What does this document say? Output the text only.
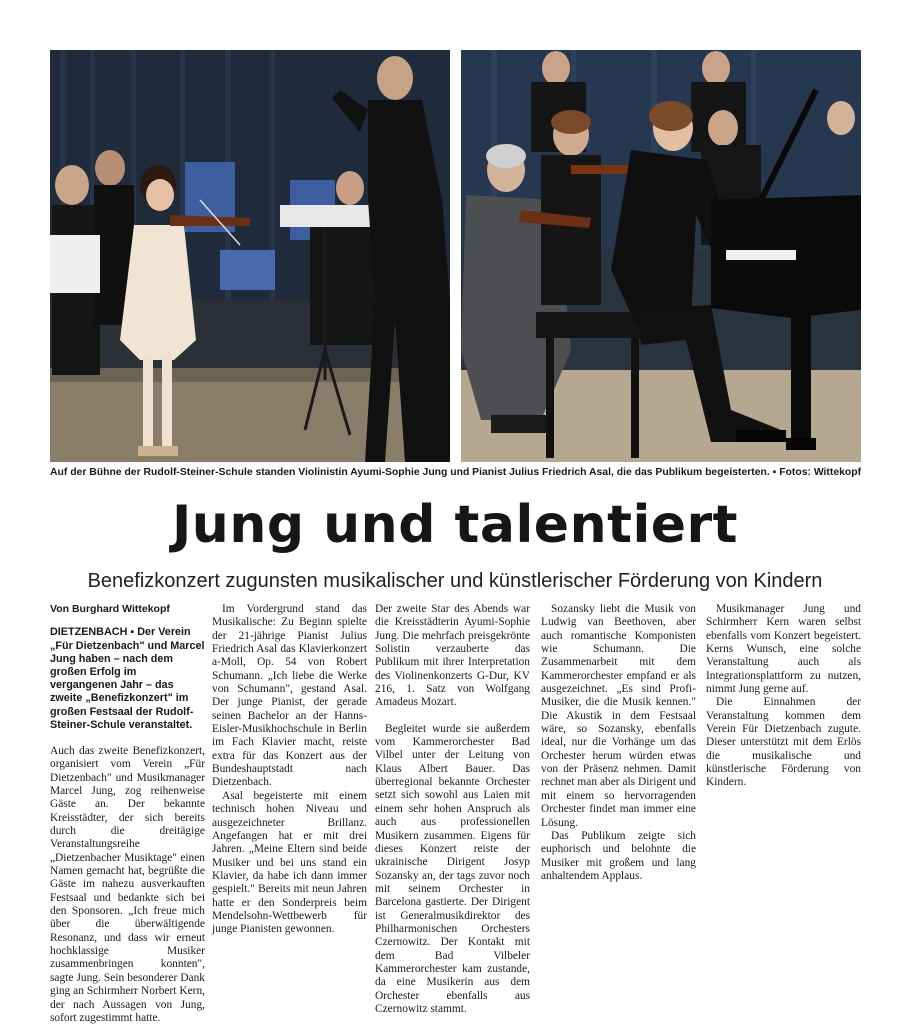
Auf der Bühne der Rudolf-Steiner-Schule standen Violinistin Ayumi-Sophie Jung und Pianist Julius Friedrich Asal, die das Publikum begeisterten. ▪ Fotos: Wittekopf
Jung und talentiert
Benefizkonzert zugunsten musikalischer und künstlerischer Förderung von Kindern
Von Burghard Wittekopf
DIETZENBACH ▪ Der Verein „Für Dietzenbach" und Marcel Jung haben – nach dem großen Erfolg im vergangenen Jahr – das zweite „Benefizkonzert" im großen Festsaal der Rudolf-Steiner-Schule veranstaltet.

Auch das zweite Benefizkonzert, organisiert vom Verein „Für Dietzenbach" und Musikmanager Marcel Jung, zog reihenweise Gäste an. Der bekannte Kreisstädter, der sich bereits durch die dreitägige Veranstaltungsreihe „Dietzenbacher Musiktage" einen Namen gemacht hat, begrüßte die Gäste im nahezu ausverkauften Festsaal und bedankte sich bei den Sponsoren. „Ich freue mich über die überwältigende Resonanz, und dass wir erneut hochklassige Musiker zusammenbringen konnten", sagte Jung. Sein besonderer Dank ging an Schirmherr Norbert Kern, der nach Aussagen von Jung, sofort zugestimmt hatte.

Im Vordergrund stand das Musikalische: Zu Beginn spielte der 21-jährige Pianist Julius Friedrich Asal das Klavierkonzert a-Moll, Op. 54 von Robert Schumann. „Ich liebe die Werke von Schumann", gestand Asal. Der junge Pianist, der gerade seinen Bachelor an der Hanns-Eisler-Musikhochschule in Berlin im Fach Klavier macht, reiste extra für das Konzert aus der Bundeshauptstadt nach Dietzenbach.

Asal begeisterte mit einem technisch hohen Niveau und ausgezeichneter Brillanz. Angefangen hat er mit drei Jahren. „Meine Eltern sind beide Musiker und bei uns stand ein Klavier, da habe ich dann immer gespielt." Bereits mit neun Jahren hatte er den Sonderpreis beim Mendelsohn-Wettbewerb für junge Pianisten gewonnen.

Der zweite Star des Abends war die Kreisstädterin Ayumi-Sophie Jung. Die mehrfach preisgekrönte Solistin verzauberte das Publikum mit ihrer Interpretation des Violinenkonzerts G-Dur, KV 216, 1. Satz von Wolfgang Amadeus Mozart.

Begleitet wurde sie außerdem vom Kammerorchester Bad Vilbel unter der Leitung von Klaus Albert Bauer. Das überregional bekannte Orchester setzt sich sowohl aus Laien mit einem sehr hohen Anspruch als auch aus professionellen Musikern zusammen. Eigens für dieses Konzert reiste der ukrainische Dirigent Josyp Sozansky an, der tags zuvor noch mit seinem Orchester in Barcelona gastierte. Der Dirigent ist Generalmusikdirektor des Philharmonischen Orchesters Czernowitz. Der Kontakt mit dem Bad Vilbeler Kammerorchester kam zustande, da eine Musikerin aus dem Orchester ebenfalls aus Czernowitz stammt.

Sozansky liebt die Musik von Ludwig van Beethoven, aber auch romantische Komponisten wie Schumann. Die Zusammenarbeit mit dem Kammerorchester empfand er als ausgezeichnet. „Es sind Profi-Musiker, die die Musik kennen." Die Akustik in dem Festsaal wäre, so Sozansky, ebenfalls ideal, nur die Vorhänge um das Orchester herum würden etwas von der Präsenz nehmen. Damit rechnet man aber als Dirigent und mit einem so hervorragenden Orchester findet man immer eine Lösung.

Das Publikum zeigte sich euphorisch und belohnte die Musiker mit großem und lang anhaltendem Applaus.

Musikmanager Jung und Schirmherr Kern waren selbst ebenfalls vom Konzert begeistert. Kerns Wunsch, eine solche Veranstaltung auch als Integrationsplattform zu nutzen, nimmt Jung gerne auf.

Die Einnahmen der Veranstaltung kommen dem Verein Für Dietzenbach zugute. Dieser unterstützt mit dem Erlös die musikalische und künstlerische Förderung von Kindern.
